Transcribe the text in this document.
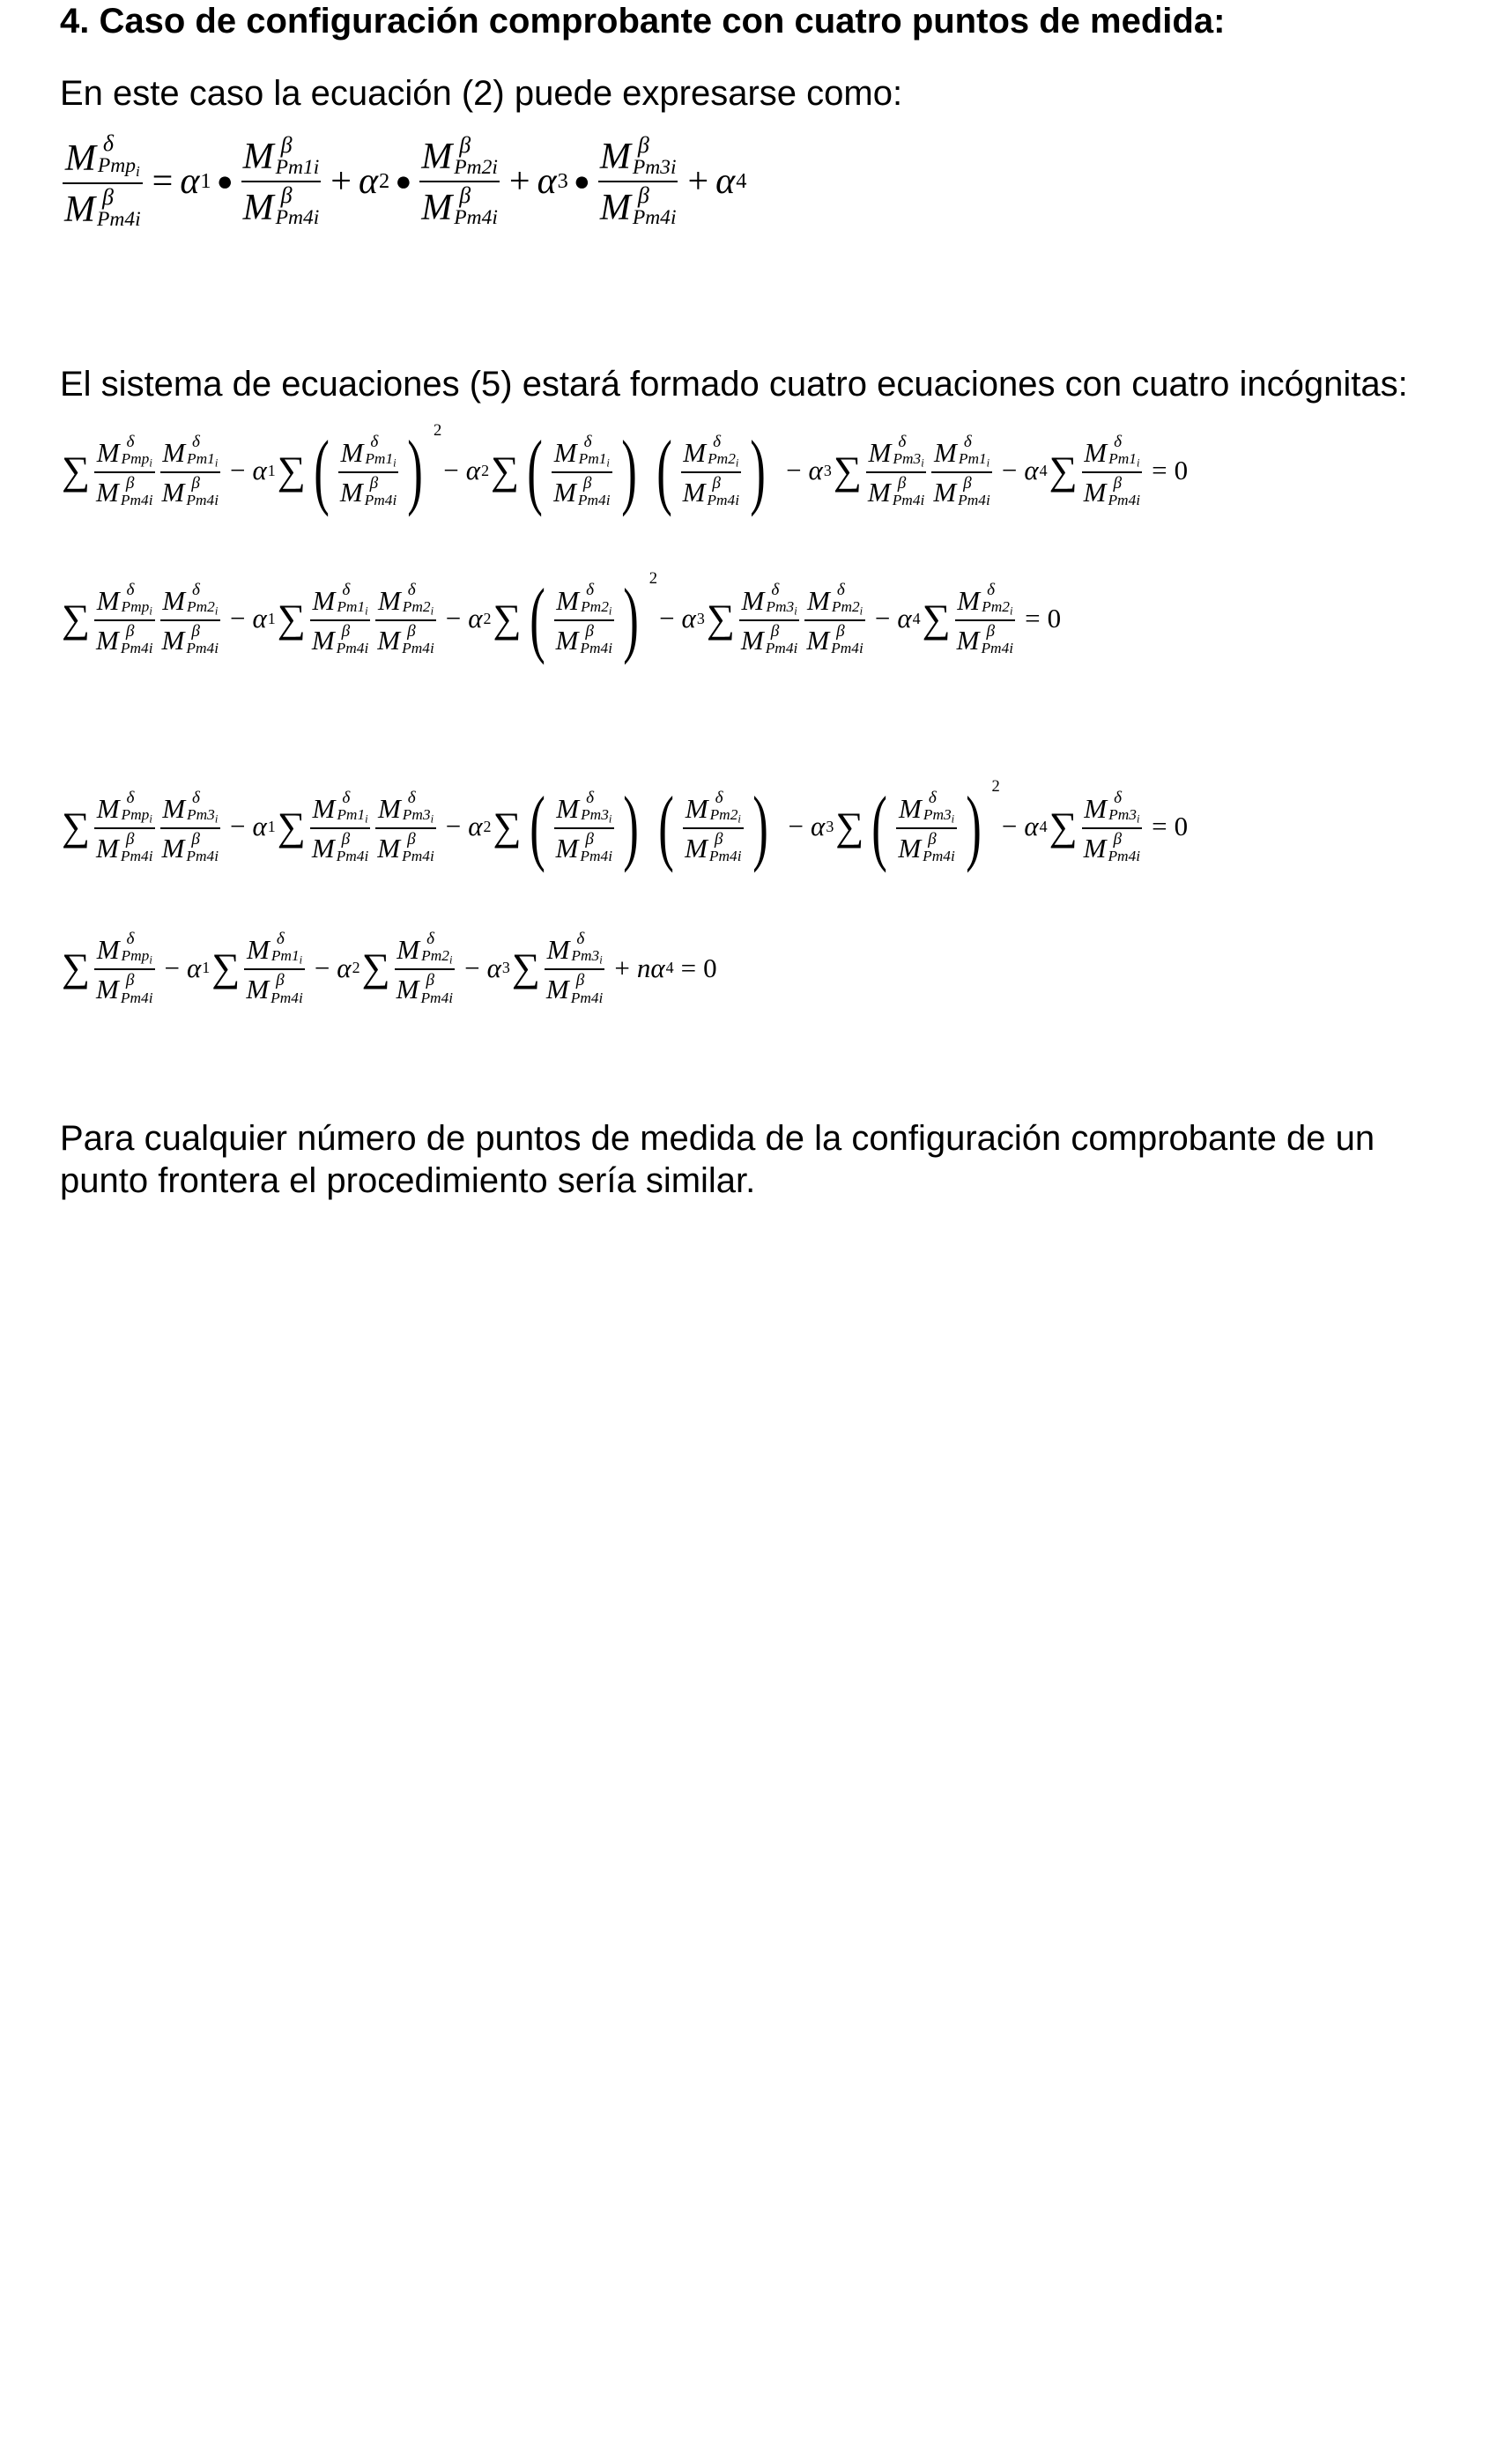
4. Caso de configuración comprobante con cuatro puntos de medida:
En este caso la ecuación (2) puede expresarse como:
M δ
Pmp$_i$
M β
Pm4i = α 1 ● M β
Pm1i
M β
Pm4i + α 2 ● M β
Pm2i
M β
Pm4i + α 3 ● M β
Pm3i
M β
Pm4i + α 4
El sistema de ecuaciones (5) estará formado cuatro ecuaciones con cuatro incógnitas:
∑ M δ
Pmp$_i$
M β
Pm4i M δ
$Pm1_i$
M β
Pm4i − α 1 ∑ ( M δ
$Pm1_i$
M β
Pm4i ) 2
− α 2 ∑ ( M δ
$Pm1_i$
M β
Pm4i ) ( M δ
$Pm2_i$
M β
Pm4i ) − α 3 ∑ M δ
$Pm3_i$
M β
Pm4i M δ
$Pm1_i$
M β
Pm4i − α 4 ∑ M δ
$Pm1_i$
M β
Pm4i = 0
∑ M δ
Pmp$_i$
M β
Pm4i M δ
$Pm2_i$
M β
Pm4i − α 1 ∑ M δ
$Pm1_i$
M β
Pm4i M δ
$Pm2_i$
M β
Pm4i − α 2 ∑ ( M δ
$Pm2_i$
M β
Pm4i ) 2
− α 3 ∑ M δ
$Pm3_i$
M β
Pm4i M δ
$Pm2_i$
M β
Pm4i − α 4 ∑ M δ
$Pm2_i$
M β
Pm4i = 0
∑ M δ
Pmp$_i$
M β
Pm4i M δ
$Pm3_i$
M β
Pm4i − α 1 ∑ M δ
$Pm1_i$
M β
Pm4i M δ
$Pm3_i$
M β
Pm4i − α 2 ∑ ( M δ
$Pm3_i$
M β
Pm4i ) ( M δ
$Pm2_i$
M β
Pm4i ) − α 3 ∑ ( M δ
$Pm3_i$
M β
Pm4i ) 2
− α 4 ∑ M δ
$Pm3_i$
M β
Pm4i = 0
∑ M δ
Pmp$_i$
M β
Pm4i − α 1 ∑ M δ
$Pm1_i$
M β
Pm4i − α 2 ∑ M δ
$Pm2_i$
M β
Pm4i − α 3 ∑ M δ
$Pm3_i$
M β
Pm4i + n α 4 = 0
Para cualquier número de puntos de medida de la configuración comprobante de un punto frontera el procedimiento sería similar.
